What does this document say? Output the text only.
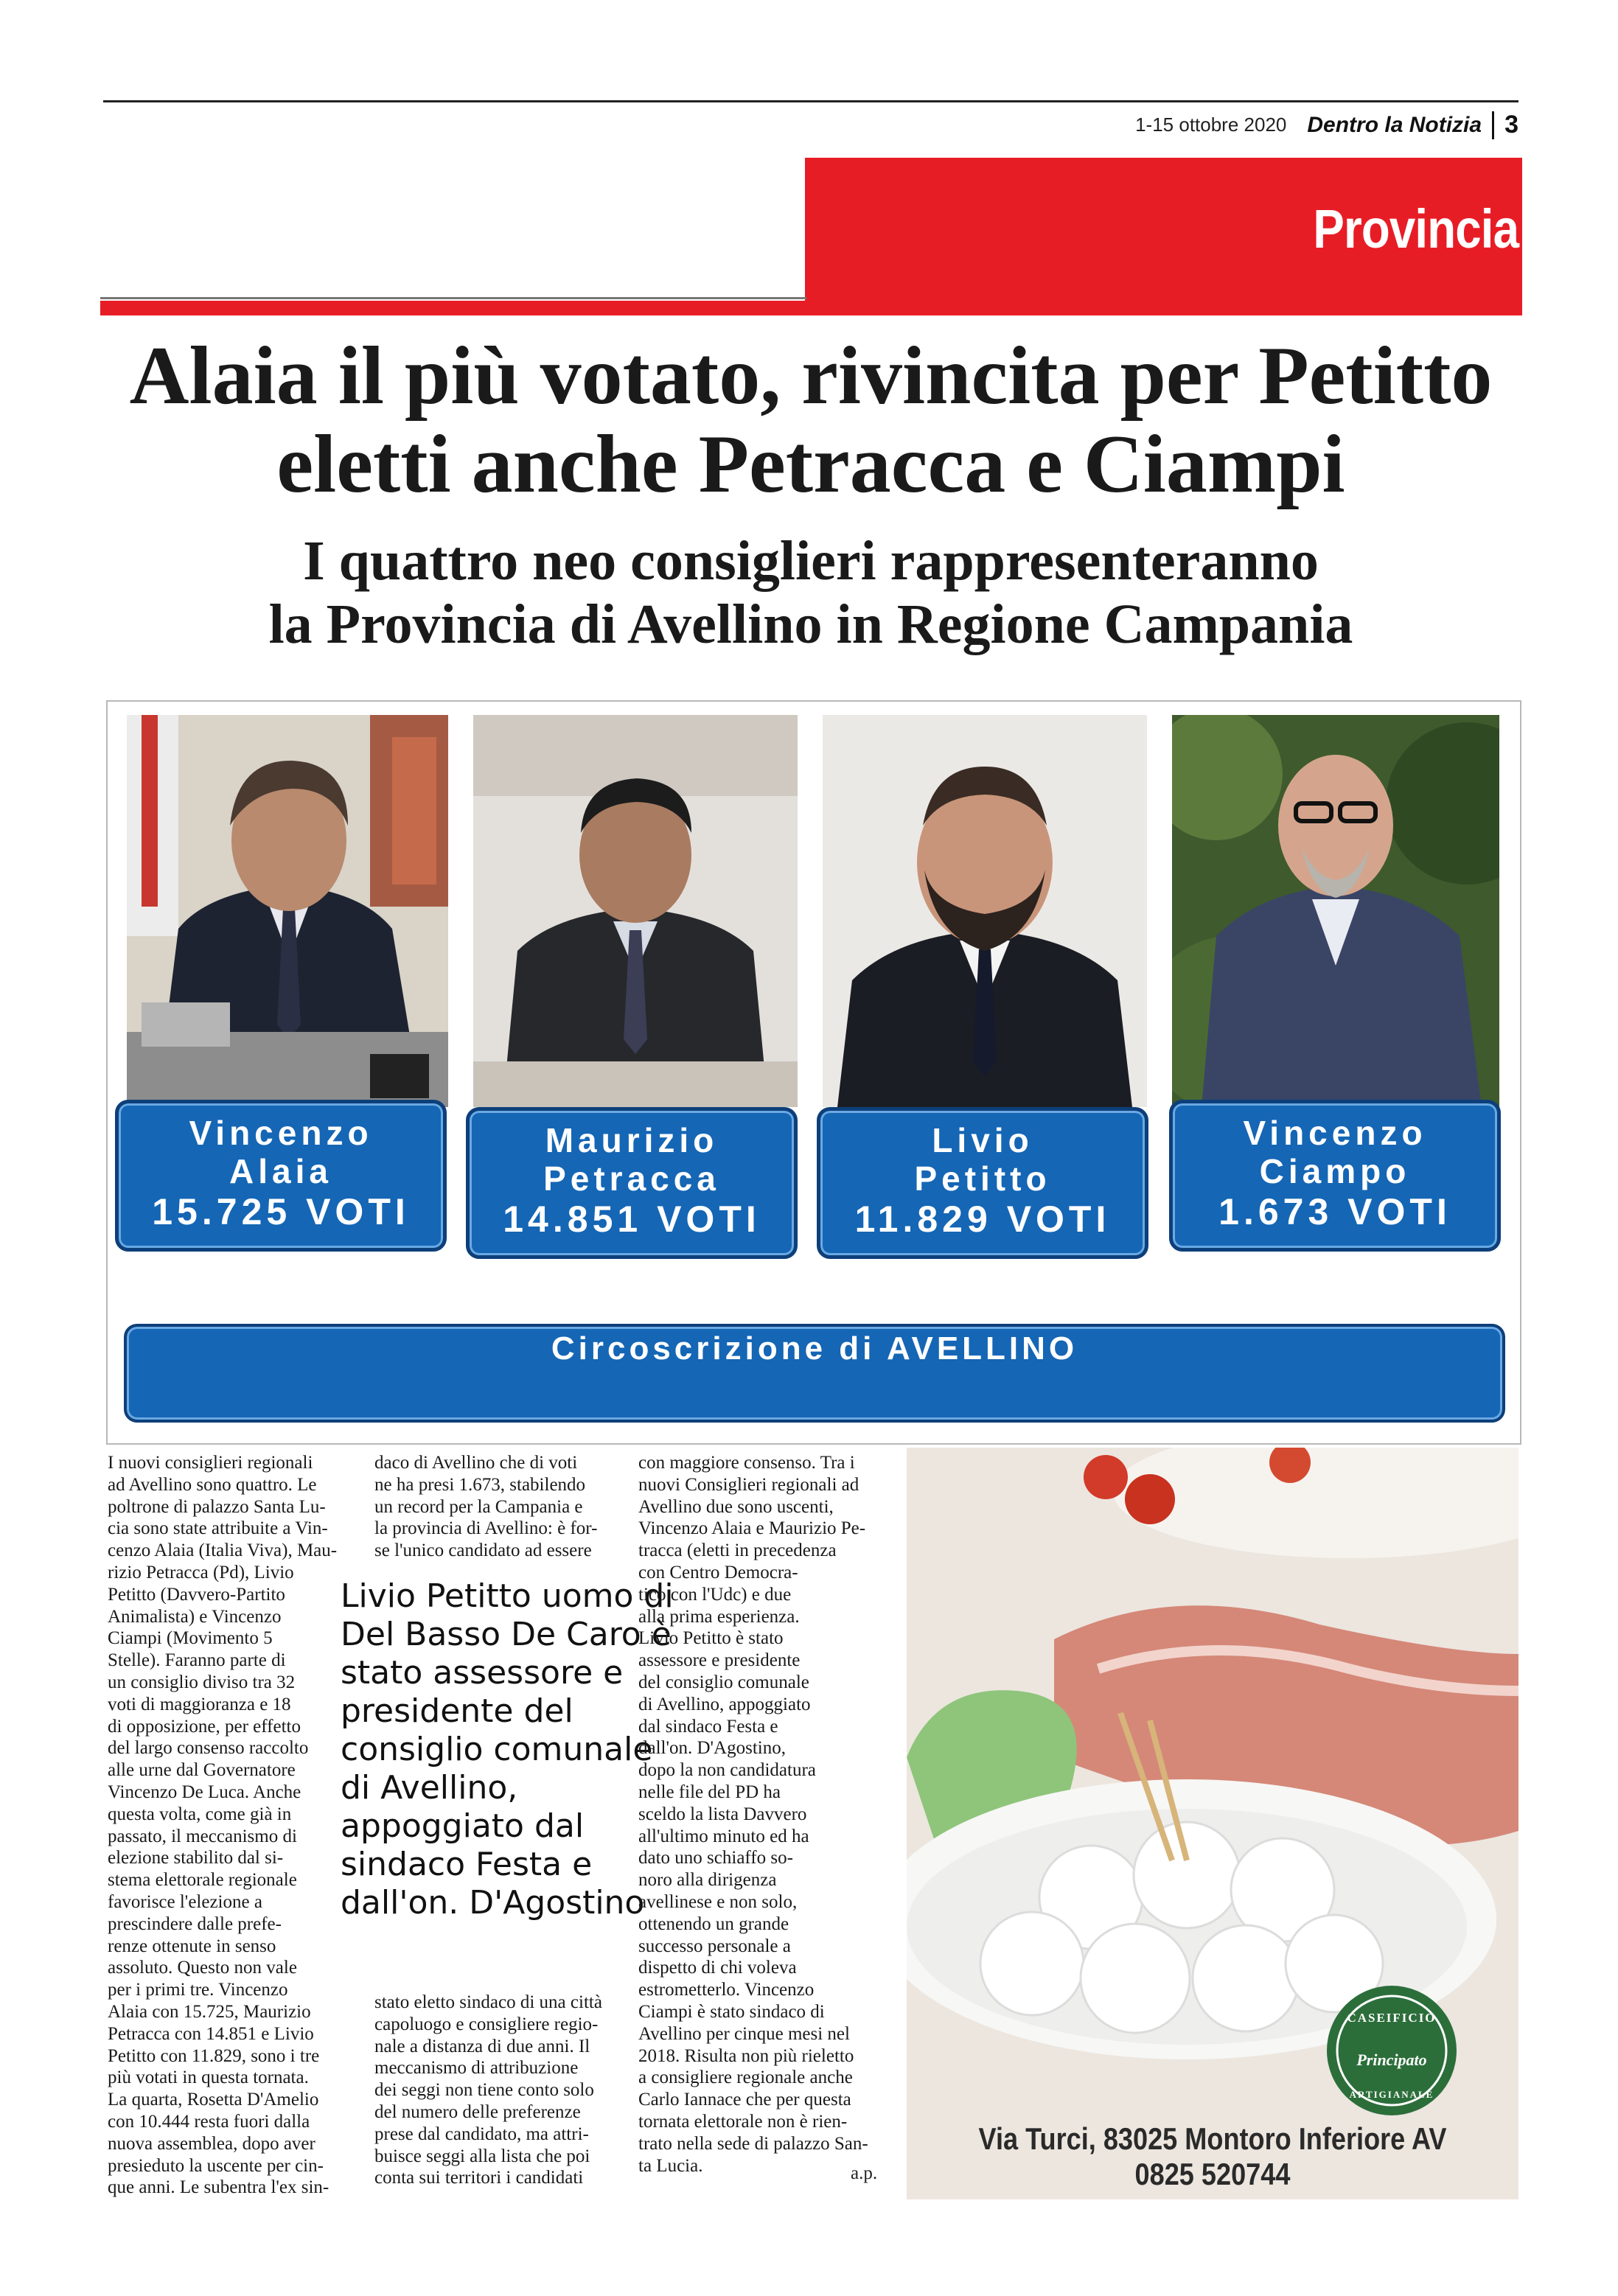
1-15 ottobre 2020 Dentro la Notizia 3
Provincia
Alaia il più votato, rivincita per Petitto
eletti anche Petracca e Ciampi
I quattro neo consiglieri rappresenteranno
la Provincia di Avellino in Regione Campania
Vincenzo
Alaia
15.725 VOTI
Maurizio
Petracca
14.851 VOTI
Livio
Petitto
11.829 VOTI
Vincenzo
Ciampo
1.673 VOTI
Circoscrizione di AVELLINO

I nuovi consiglieri regionali

ad Avellino sono quattro. Le

poltrone di palazzo Santa Lu-

cia sono state attribuite a Vin-

cenzo Alaia (Italia Viva), Mau-

rizio Petracca (Pd), Livio

Petitto (Davvero-Partito

Animalista) e Vincenzo

Ciampi (Movimento 5

Stelle). Faranno parte di

un consiglio diviso tra 32

voti di maggioranza e 18

di opposizione, per effetto

del largo consenso raccolto

alle urne dal Governatore

Vincenzo De Luca. Anche

questa volta, come già in

passato, il meccanismo di

elezione stabilito dal si-

stema elettorale regionale

favorisce l'elezione a

prescindere dalle prefe-

renze ottenute in senso

assoluto. Questo non vale

per i primi tre. Vincenzo

Alaia con 15.725, Maurizio

Petracca con 14.851 e Livio

Petitto con 11.829, sono i tre

più votati in questa tornata.

La quarta, Rosetta D'Amelio

con 10.444 resta fuori dalla

nuova assemblea, dopo aver

presieduto la uscente per cin-

que anni. Le subentra l'ex sin-

daco di Avellino che di voti

ne ha presi 1.673, stabilendo

un record per la Campania e

la provincia di Avellino: è for-

se l'unico candidato ad essere

Livio Petitto uomo di Del Basso De Caro è stato assessore e presidente del consiglio comunale di Avellino, appoggiato dal sindaco Festa e dall'on. D'Agostino

stato eletto sindaco di una città

capoluogo e consigliere regio-

nale a distanza di due anni. Il

meccanismo di attribuzione

dei seggi non tiene conto solo

del numero delle preferenze

prese dal candidato, ma attri-

buisce seggi alla lista che poi

conta sui territori i candidati

con maggiore consenso. Tra i

nuovi Consiglieri regionali ad

Avellino due sono uscenti,

Vincenzo Alaia e Maurizio Pe-

tracca (eletti in precedenza

con Centro Democra-

tico con l'Udc) e due

alla prima esperienza.

Livio Petitto è stato

assessore e presidente

del consiglio comunale

di Avellino, appoggiato

dal sindaco Festa e

dall'on. D'Agostino,

dopo la non candidatura

nelle file del PD ha

sceldo la lista Davvero

all'ultimo minuto ed ha

dato uno schiaffo so-

noro alla dirigenza

avellinese e non solo,

ottenendo un grande

successo personale a

dispetto di chi voleva

estrometterlo. Vincenzo

Ciampi è stato sindaco di

Avellino per cinque mesi nel

2018. Risulta non più rieletto

a consigliere regionale anche

Carlo Iannace che per questa

tornata elettorale non è rien-

trato nella sede di palazzo San-

ta Lucia.	a.p.
CASEIFICIO
Principato
ARTIGIANALE
Via Turci, 83025 Montoro Inferiore AV 0825 520744
